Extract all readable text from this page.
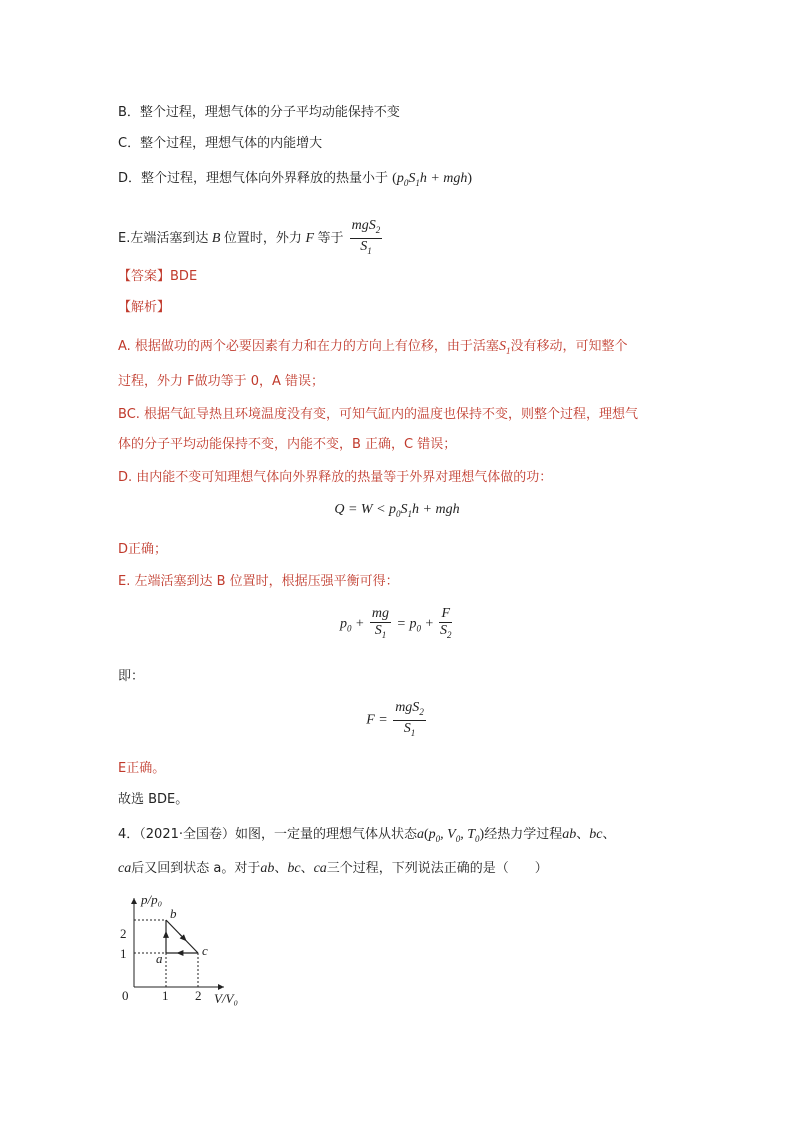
B．整个过程，理想气体的分子平均动能保持不变
C．整个过程，理想气体的内能增大
D．整个过程，理想气体向外界释放的热量小于 $(p_0S_1h + mgh)$
E.左端活塞到达 B 位置时，外力 F 等于 $\frac{mgS_2}{S_1}$
【答案】BDE
【解析】
A. 根据做功的两个必要因素有力和在力的方向上有位移，由于活塞$S_1$没有移动，可知整个
过程，外力 F做功等于 0，A 错误；
BC. 根据气缸导热且环境温度没有变，可知气缸内的温度也保持不变，则整个过程，理想气
体的分子平均动能保持不变，内能不变，B 正确，C 错误；
D. 由内能不变可知理想气体向外界释放的热量等于外界对理想气体做的功：
$Q = W < p_0S_1h$ + mgh
D正确；
E. 左端活塞到达 B 位置时，根据压强平衡可得：
$p_0 + \frac{mg}{S_1} = p_0 + \frac{F}{S_2}$
即：
$F = \frac{mgS_2}{S_1}$
E正确。
故选 BDE。
4．（2021·全国卷）如图，一定量的理想气体从状态$a(p_0$, $V_0$, $T_0$)经热力学过程ab、bc、
ca后又回到状态 a。对于ab、bc、ca三个过程，下列说法正确的是（　　）
p/p₀
V/V₀
0
2
1
1 2
a
b
c
